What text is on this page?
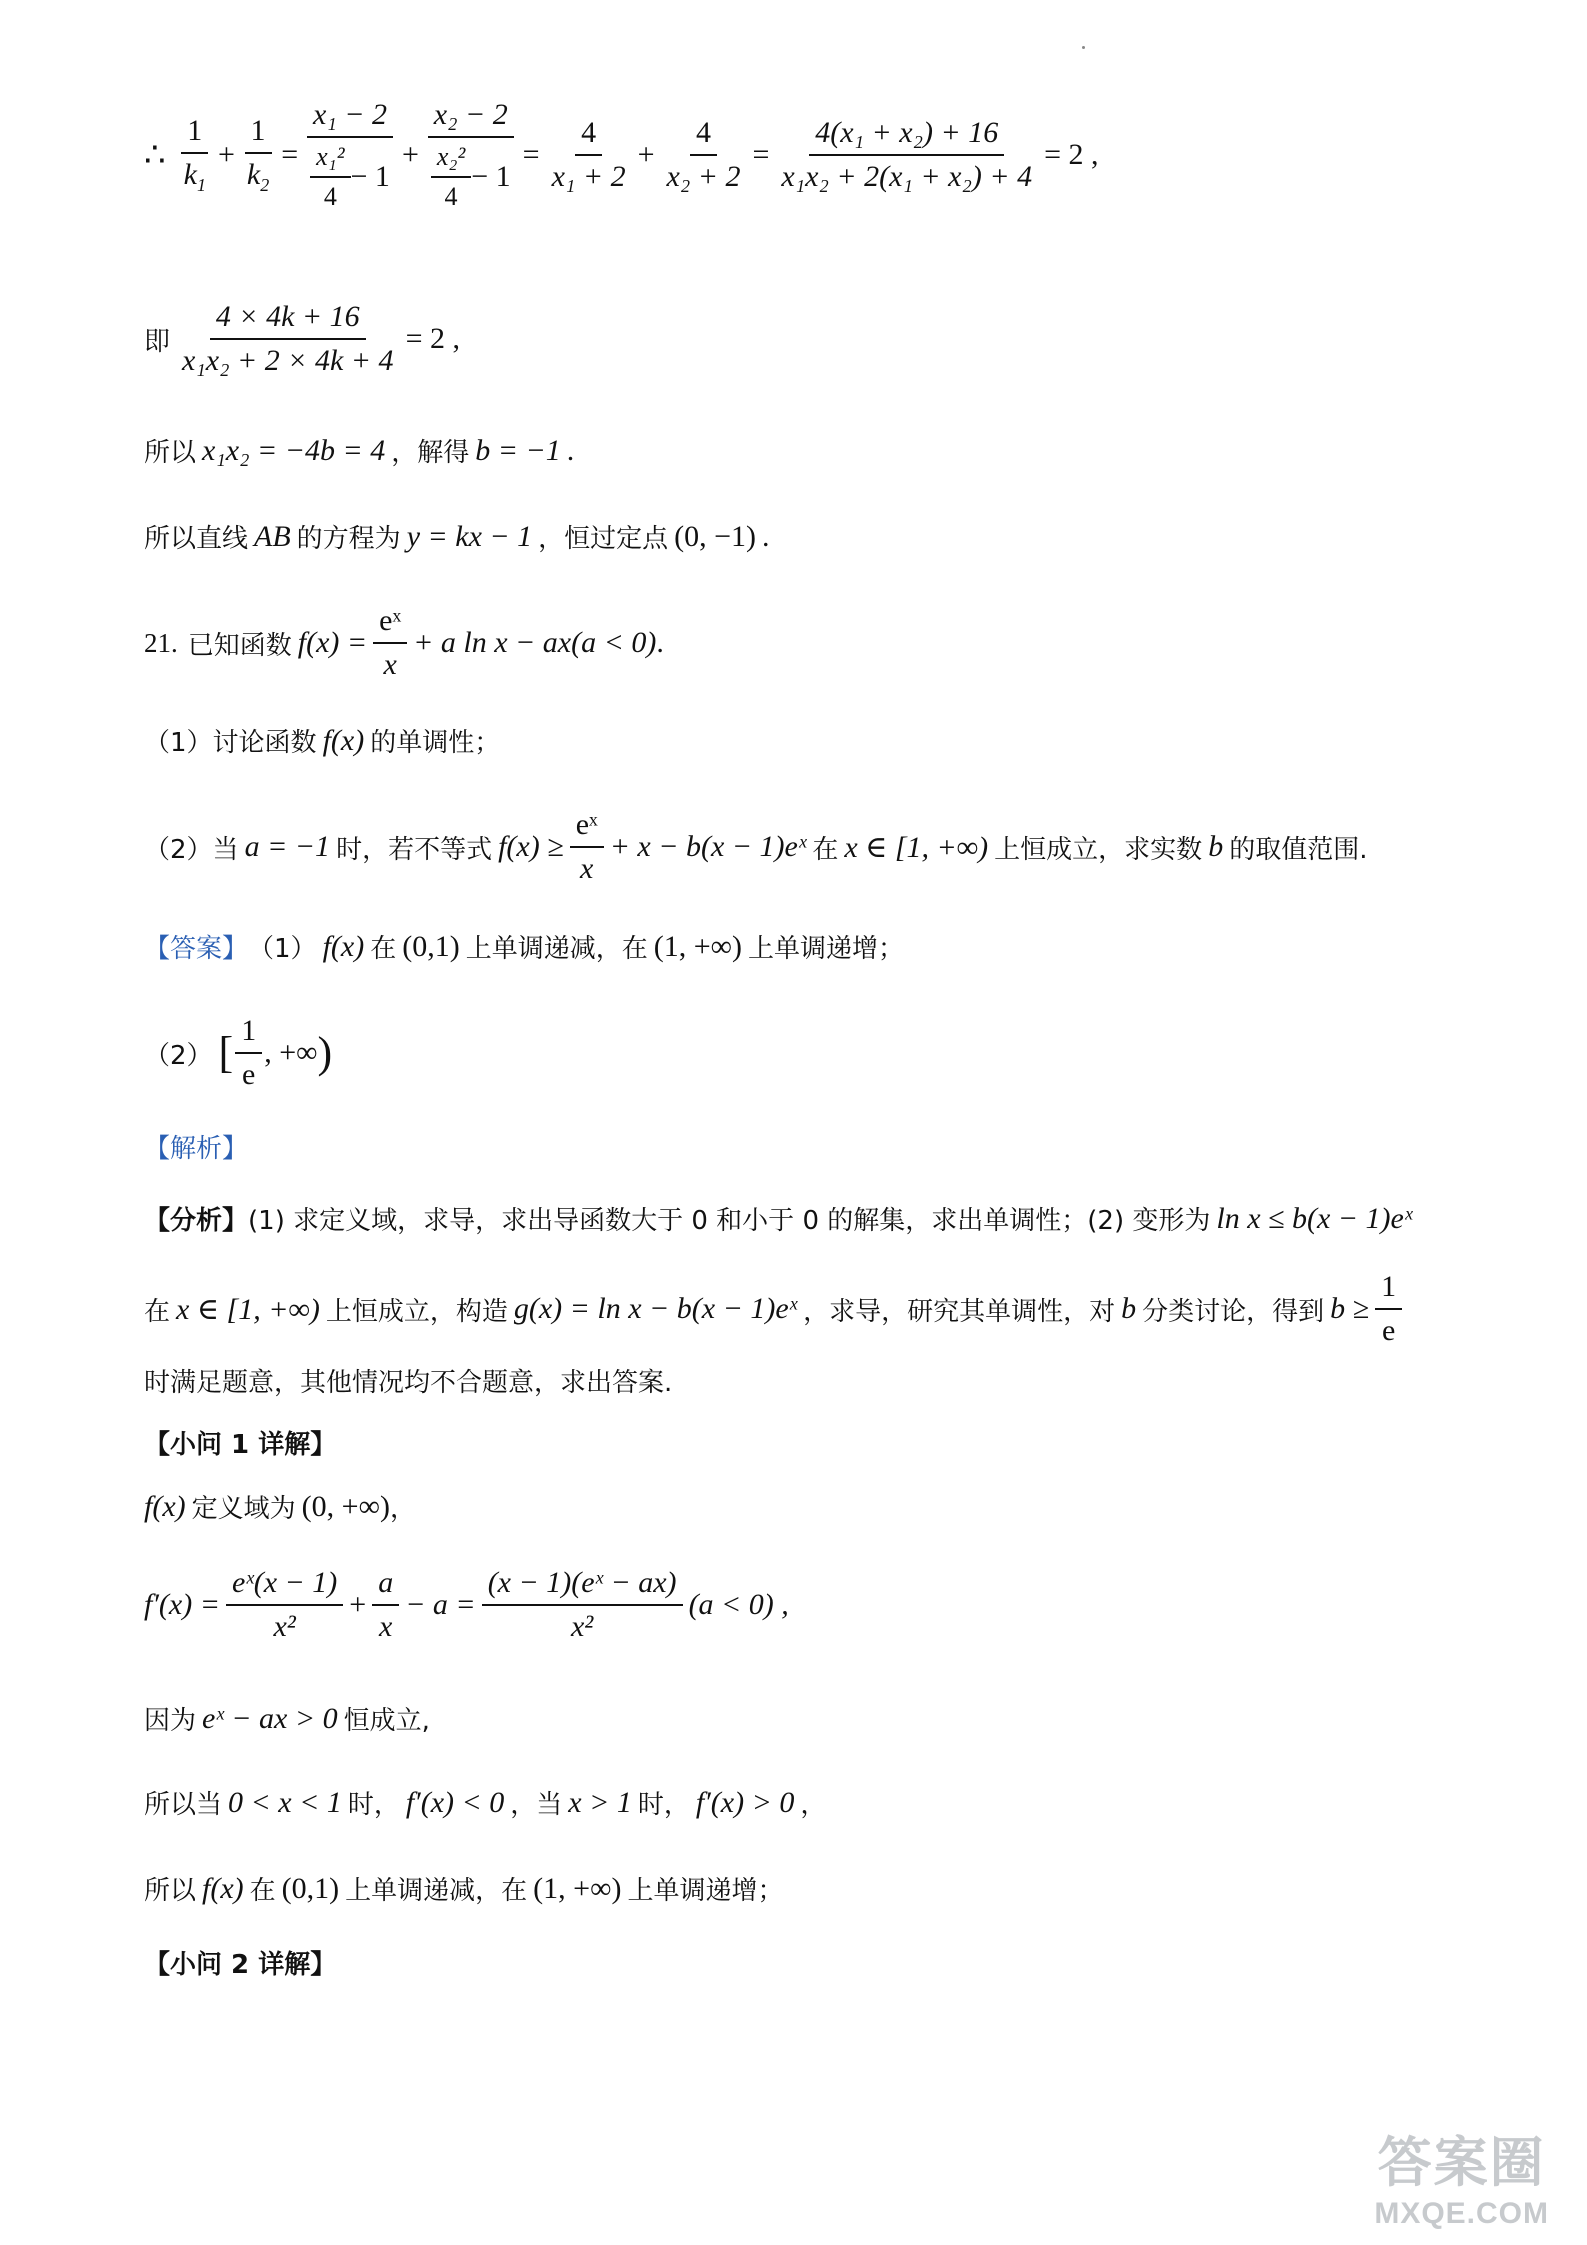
∴ $\frac{1}{k_1} + \frac{1}{k_2} = \frac{\text{x₁ − 2}}{\frac{\text{x₁²}}{4} - 1} + \frac{\text{x₂ − 2}}{\frac{\text{x₂²}}{4} - 1} = \frac{4}{\text{x₁ + 2}} + \frac{4}{\text{x₂ + 2}} = \frac{\text{4(x₁ + x₂) + 16}}{\text{x₁x₂ + 2(x₁ + x₂) + 4}} = 2$ ,
即 $\frac{4 \times 4k + 16}{\text{x₁x₂ + 2 × 4k + 4}} = 2$ ,
所以 x₁x₂ = −4b = 4 ，解得 b = −1 .
所以直线 AB 的方程为 y = kx − 1 ，恒过定点 (0, −1) .
21. 已知函数 $f(x) = \frac{\text{eˣ}}{x} + a$ ln x − ax(a < 0) .
（1） 讨论函数 f(x) 的单调性；
（2） 当 a = −1 时，若不等式 $f(x) \ge \frac{\text{eˣ}}{x} + x - b(x$ − 1)eˣ 在 x ∈ [1, +∞) 上恒成立，求实数 b 的取值范围.
【答案】 （1） f(x) 在 (0,1) 上单调递减，在 (1, +∞) 上单调递增；
（2） [ $\frac{1}{e}$ , +∞ )
【解析】
【分析】 (1) 求定义域，求导，求出导函数大于 0 和小于 0 的解集，求出单调性；(2) 变形为 ln x ≤ b(x − 1)eˣ
在 x ∈ [1, +∞) 上恒成立，构造 g(x) = ln x − b(x − 1)eˣ ，求导，研究其单调性，对 b 分类讨论，得到 $b \ge \frac{1}{e}$
时满足题意，其他情况均不合题意，求出答案.
【小问 1 详解】
f(x) 定义域为 (0, +∞) ，
$f'(x) = \frac{\text{eˣ(x − 1)}}{\text{x²}} + \frac{a}{x} - a = \frac{\text{(x − 1)(eˣ − ax)}}{\text{x²}} (a < 0)$ ,
因为 eˣ − ax > 0 恒成立,
所以当 0 < x < 1 时， f′(x) < 0 ，当 x > 1 时， f′(x) > 0 ，
所以 f(x) 在 (0,1) 上单调递减，在 (1, +∞) 上单调递增；
【小问 2 详解】
答案圈
MXQE.COM
